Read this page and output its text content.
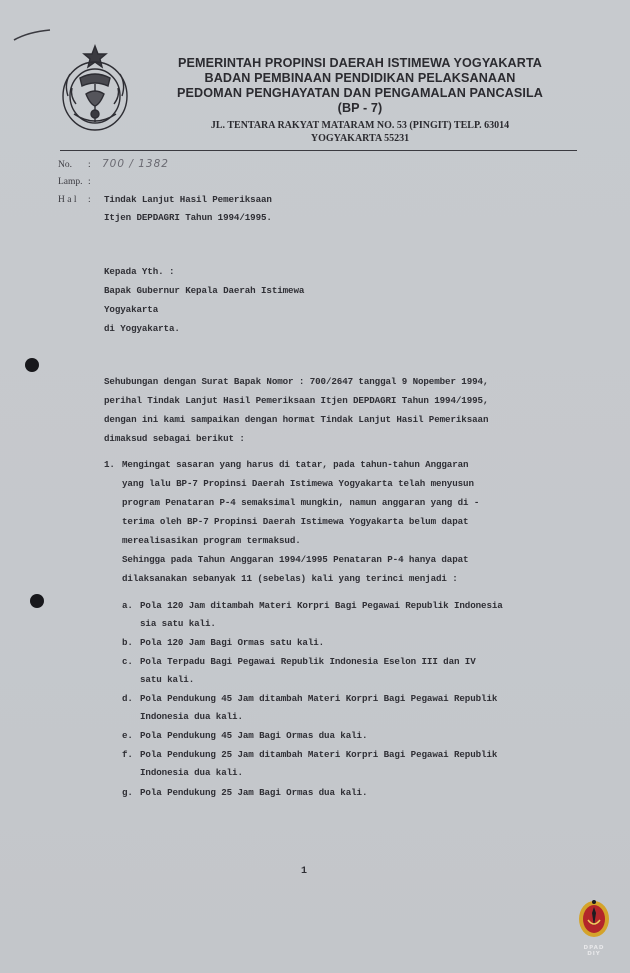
PEMERINTAH PROPINSI DAERAH ISTIMEWA YOGYAKARTA
BADAN PEMBINAAN PENDIDIKAN PELAKSANAAN
PEDOMAN PENGHAYATAN DAN PENGAMALAN PANCASILA
(BP - 7)
JL. TENTARA RAKYAT MATARAM NO. 53 (PINGIT) TELP. 63014
YOGYAKARTA 55231
No. : 700 / 1382
Lamp. :
H a l :	Tindak Lanjut Hasil Pemeriksaan
Itjen DEPDAGRI Tahun 1994/1995.
Kepada Yth. :
Bapak Gubernur Kepala Daerah Istimewa
Yogyakarta
di Yogyakarta.
Sehubungan dengan Surat Bapak Nomor : 700/2647 tanggal 9 Nopember 1994,
perihal Tindak Lanjut Hasil Pemeriksaan Itjen DEPDAGRI Tahun 1994/1995,
dengan ini kami sampaikan dengan hormat Tindak Lanjut Hasil Pemeriksaan
dimaksud sebagai berikut :
1. Mengingat sasaran yang harus di tatar, pada tahun-tahun Anggaran
yang lalu BP-7 Propinsi Daerah Istimewa Yogyakarta telah menyusun
program Penataran P-4 semaksimal mungkin, namun anggaran yang di -
terima oleh BP-7 Propinsi Daerah Istimewa Yogyakarta belum dapat
merealisasikan program termaksud.
Sehingga pada Tahun Anggaran 1994/1995 Penataran P-4 hanya dapat
dilaksanakan sebanyak 11 (sebelas) kali yang terinci menjadi :
a. Pola 120 Jam ditambah Materi Korpri Bagi Pegawai Republik Indonesia
sia satu kali.
b. Pola 120 Jam Bagi Ormas satu kali.
c. Pola Terpadu Bagi Pegawai Republik Indonesia Eselon III dan IV
satu kali.
d. Pola Pendukung 45 Jam ditambah Materi Korpri Bagi Pegawai Republik
Indonesia dua kali.
e. Pola Pendukung 45 Jam Bagi Ormas dua kali.
f. Pola Pendukung 25 Jam ditambah Materi Korpri Bagi Pegawai Republik
Indonesia dua kali.
g. Pola Pendukung 25 Jam Bagi Ormas dua kali.
1
DPAD
DIY
